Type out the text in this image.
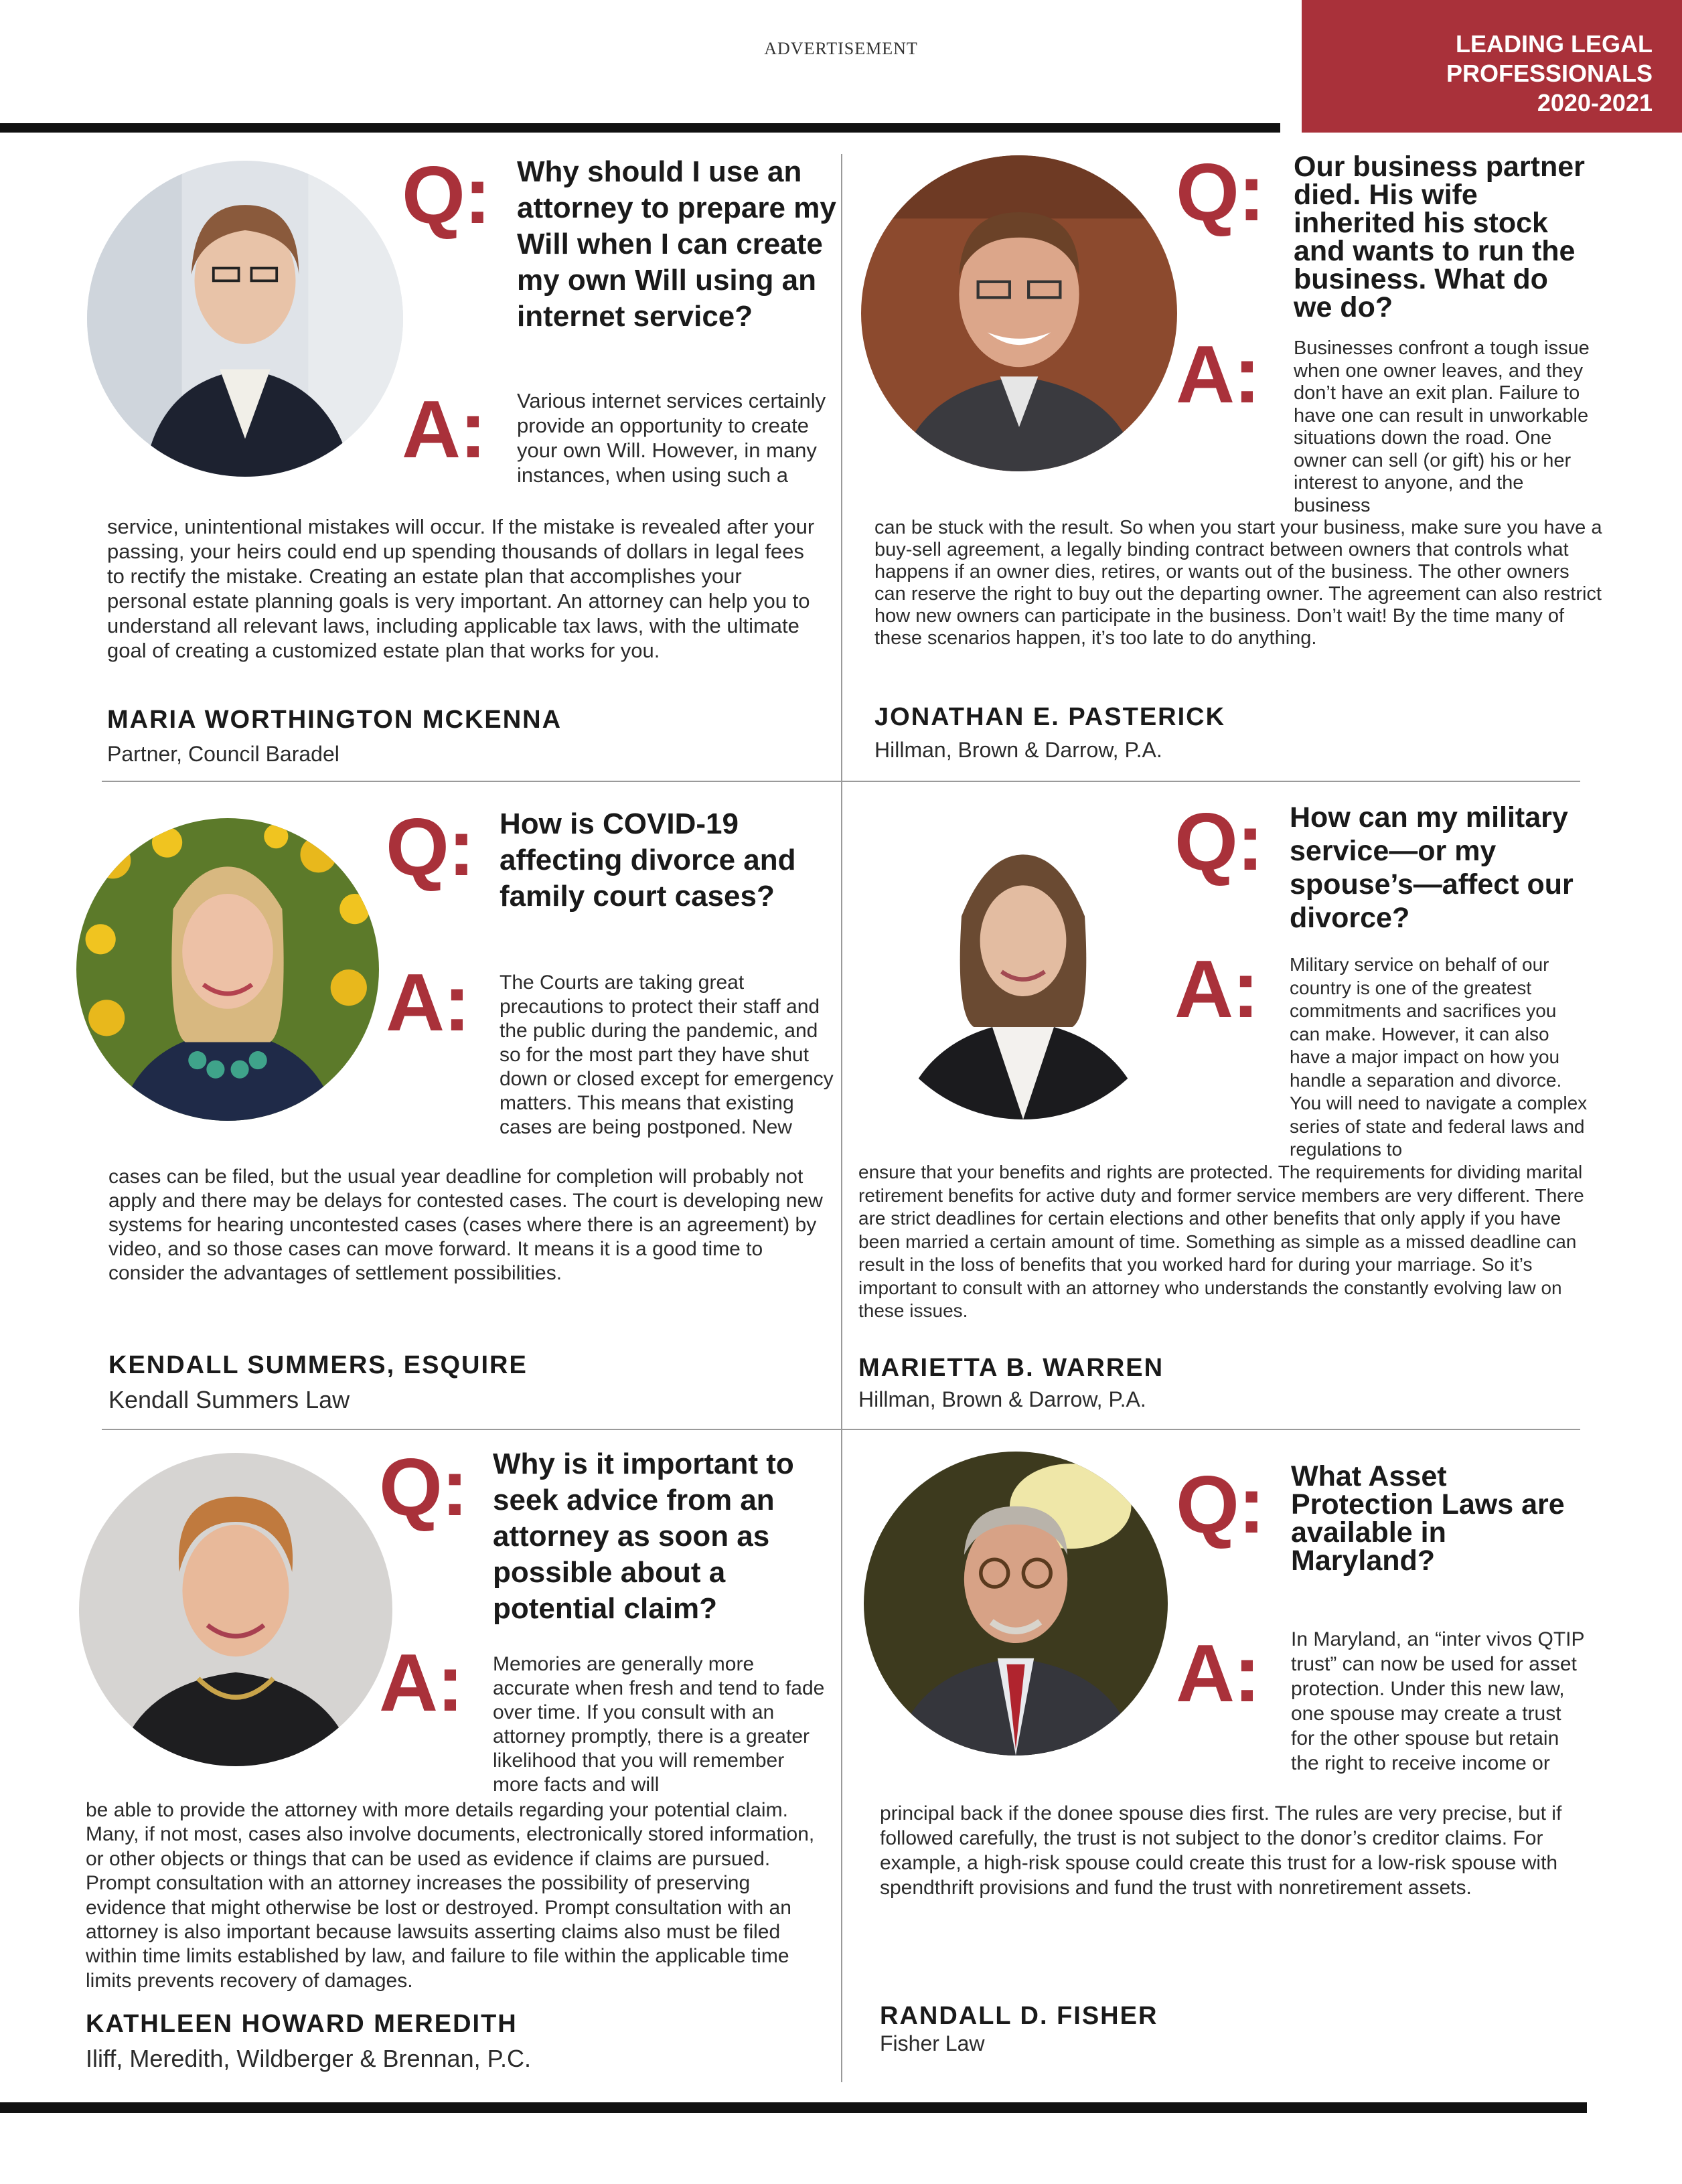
ADVERTISEMENT	LEADING LEGAL
PROFESSIONALS
2020-2021
Q: Why should I use an attorney to prepare my Will when I can create my own Will using an internet service?
A: Various internet services certainly provide an opportunity to create your own Will. However, in many instances, when using such a
service, unintentional mistakes will occur. If the mistake is revealed after your passing, your heirs could end up spending thousands of dollars in legal fees to rectify the mistake. Creating an estate plan that accomplishes your personal estate planning goals is very important. An attorney can help you to understand all relevant laws, including applicable tax laws, with the ultimate goal of creating a customized estate plan that works for you.
MARIA WORTHINGTON MCKENNA
Partner, Council Baradel
Q: Our business partner died. His wife inherited his stock and wants to run the business. What do we do?
A: Businesses confront a tough issue when one owner leaves, and they don’t have an exit plan. Failure to have one can result in unworkable situations down the road. One owner can sell (or gift) his or her interest to anyone, and the business
can be stuck with the result. So when you start your business, make sure you have a buy-sell agreement, a legally binding contract between owners that controls what happens if an owner dies, retires, or wants out of the business. The other owners can reserve the right to buy out the departing owner. The agreement can also restrict how new owners can participate in the business. Don’t wait! By the time many of these scenarios happen, it’s too late to do anything.
JONATHAN E. PASTERICK
Hillman, Brown & Darrow, P.A.
Q: How is COVID-19 affecting divorce and family court cases?
A: The Courts are taking great precautions to protect their staff and the public during the pandemic, and so for the most part they have shut down or closed except for emergency matters. This means that existing cases are being postponed. New
cases can be filed, but the usual year deadline for completion will probably not apply and there may be delays for contested cases. The court is developing new systems for hearing uncontested cases (cases where there is an agreement) by video, and so those cases can move forward. It means it is a good time to consider the advantages of settlement possibilities.
KENDALL SUMMERS, ESQUIRE
Kendall Summers Law
Q: How can my military service—or my spouse’s—affect our divorce?
A: Military service on behalf of our country is one of the greatest commitments and sacrifices you can make. However, it can also have a major impact on how you handle a separation and divorce. You will need to navigate a complex series of state and federal laws and regulations to
ensure that your benefits and rights are protected. The requirements for dividing marital retirement benefits for active duty and former service members are very different. There are strict deadlines for certain elections and other benefits that only apply if you have been married a certain amount of time. Something as simple as a missed deadline can result in the loss of benefits that you worked hard for during your marriage. So it’s important to consult with an attorney who understands the constantly evolving law on these issues.
MARIETTA B. WARREN
Hillman, Brown & Darrow, P.A.
Q: Why is it important to seek advice from an attorney as soon as possible about a potential claim?
A: Memories are generally more accurate when fresh and tend to fade over time. If you consult with an attorney promptly, there is a greater likelihood that you will remember more facts and will
be able to provide the attorney with more details regarding your potential claim. Many, if not most, cases also involve documents, electronically stored information, or other objects or things that can be used as evidence if claims are pursued. Prompt consultation with an attorney increases the possibility of preserving evidence that might otherwise be lost or destroyed. Prompt consultation with an attorney is also important because lawsuits asserting claims also must be filed within time limits established by law, and failure to file within the applicable time limits prevents recovery of damages.
KATHLEEN HOWARD MEREDITH
Iliff, Meredith, Wildberger & Brennan, P.C.
Q: What Asset Protection Laws are available in Maryland?
A: In Maryland, an “inter vivos QTIP trust” can now be used for asset protection. Under this new law, one spouse may create a trust for the other spouse but retain the right to receive income or
principal back if the donee spouse dies first. The rules are very precise, but if followed carefully, the trust is not subject to the donor’s creditor claims. For example, a high-risk spouse could create this trust for a low-risk spouse with spendthrift provisions and fund the trust with nonretirement assets.
RANDALL D. FISHER
Fisher Law
